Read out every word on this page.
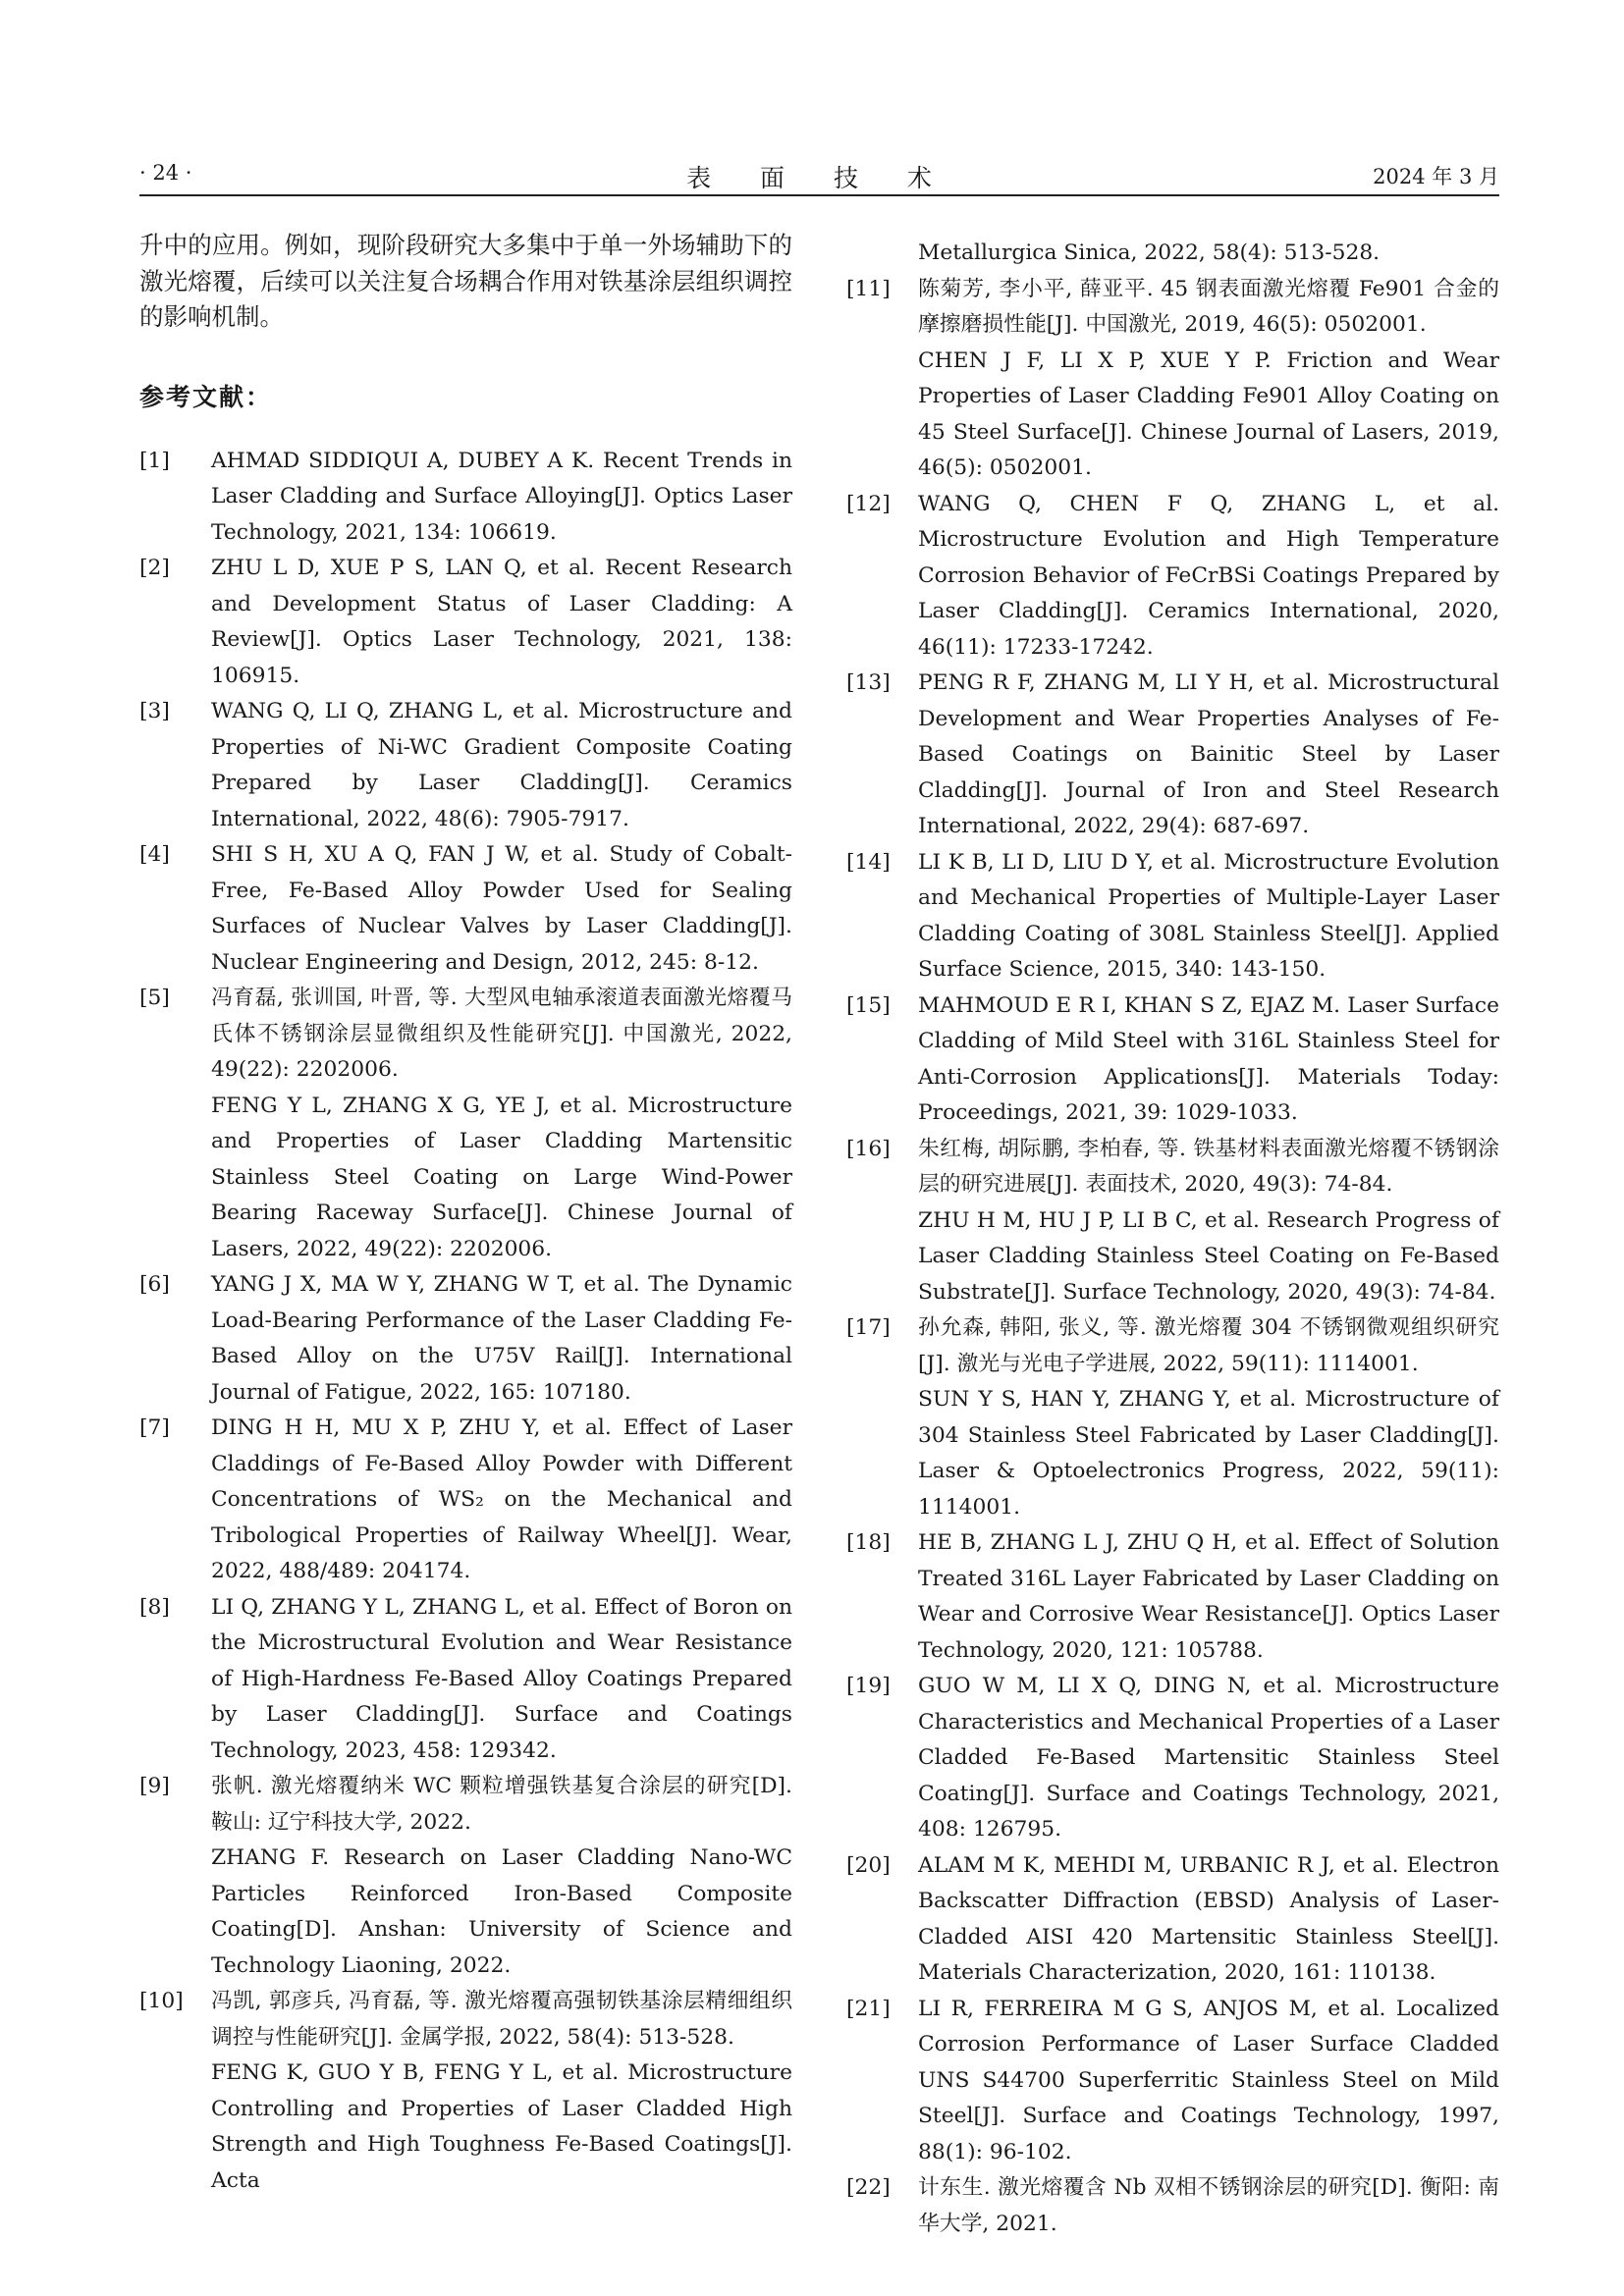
· 24 ·	表 面 技 术	2024 年 3 月

升中的应用。例如，现阶段研究大多集中于单一外场辅助下的激光熔覆，后续可以关注复合场耦合作用对铁基涂层组织调控的影响机制。

参考文献：
[1] AHMAD SIDDIQUI A, DUBEY A K. Recent Trends in Laser Cladding and Surface Alloying[J]. Optics Laser Technology, 2021, 134: 106619.
[2] ZHU L D, XUE P S, LAN Q, et al. Recent Research and Development Status of Laser Cladding: A Review[J]. Optics Laser Technology, 2021, 138: 106915.
[3] WANG Q, LI Q, ZHANG L, et al. Microstructure and Properties of Ni-WC Gradient Composite Coating Prepared by Laser Cladding[J]. Ceramics International, 2022, 48(6): 7905-7917.
[4] SHI S H, XU A Q, FAN J W, et al. Study of Cobalt-Free, Fe-Based Alloy Powder Used for Sealing Surfaces of Nuclear Valves by Laser Cladding[J]. Nuclear Engineering and Design, 2012, 245: 8-12.
[5] 冯育磊, 张训国, 叶晋, 等. 大型风电轴承滚道表面激光熔覆马氏体不锈钢涂层显微组织及性能研究[J]. 中国激光, 2022, 49(22): 2202006.
FENG Y L, ZHANG X G, YE J, et al. Microstructure and Properties of Laser Cladding Martensitic Stainless Steel Coating on Large Wind-Power Bearing Raceway Surface[J]. Chinese Journal of Lasers, 2022, 49(22): 2202006.
[6] YANG J X, MA W Y, ZHANG W T, et al. The Dynamic Load-Bearing Performance of the Laser Cladding Fe-Based Alloy on the U75V Rail[J]. International Journal of Fatigue, 2022, 165: 107180.
[7] DING H H, MU X P, ZHU Y, et al. Effect of Laser Claddings of Fe-Based Alloy Powder with Different Concentrations of WS₂ on the Mechanical and Tribological Properties of Railway Wheel[J]. Wear, 2022, 488/489: 204174.
[8] LI Q, ZHANG Y L, ZHANG L, et al. Effect of Boron on the Microstructural Evolution and Wear Resistance of High-Hardness Fe-Based Alloy Coatings Prepared by Laser Cladding[J]. Surface and Coatings Technology, 2023, 458: 129342.
[9] 张帆. 激光熔覆纳米 WC 颗粒增强铁基复合涂层的研究[D]. 鞍山: 辽宁科技大学, 2022.
ZHANG F. Research on Laser Cladding Nano-WC Particles Reinforced Iron-Based Composite Coating[D]. Anshan: University of Science and Technology Liaoning, 2022.
[10] 冯凯, 郭彦兵, 冯育磊, 等. 激光熔覆高强韧铁基涂层精细组织调控与性能研究[J]. 金属学报, 2022, 58(4): 513-528.
FENG K, GUO Y B, FENG Y L, et al. Microstructure Controlling and Properties of Laser Cladded High Strength and High Toughness Fe-Based Coatings[J]. Acta

Metallurgica Sinica, 2022, 58(4): 513-528.

[11] 陈菊芳, 李小平, 薛亚平. 45 钢表面激光熔覆 Fe901 合金的摩擦磨损性能[J]. 中国激光, 2019, 46(5): 0502001.
CHEN J F, LI X P, XUE Y P. Friction and Wear Properties of Laser Cladding Fe901 Alloy Coating on 45 Steel Surface[J]. Chinese Journal of Lasers, 2019, 46(5): 0502001.
[12] WANG Q, CHEN F Q, ZHANG L, et al. Microstructure Evolution and High Temperature Corrosion Behavior of FeCrBSi Coatings Prepared by Laser Cladding[J]. Ceramics International, 2020, 46(11): 17233-17242.
[13] PENG R F, ZHANG M, LI Y H, et al. Microstructural Development and Wear Properties Analyses of Fe-Based Coatings on Bainitic Steel by Laser Cladding[J]. Journal of Iron and Steel Research International, 2022, 29(4): 687-697.
[14] LI K B, LI D, LIU D Y, et al. Microstructure Evolution and Mechanical Properties of Multiple-Layer Laser Cladding Coating of 308L Stainless Steel[J]. Applied Surface Science, 2015, 340: 143-150.
[15] MAHMOUD E R I, KHAN S Z, EJAZ M. Laser Surface Cladding of Mild Steel with 316L Stainless Steel for Anti-Corrosion Applications[J]. Materials Today: Proceedings, 2021, 39: 1029-1033.
[16] 朱红梅, 胡际鹏, 李柏春, 等. 铁基材料表面激光熔覆不锈钢涂层的研究进展[J]. 表面技术, 2020, 49(3): 74-84.
ZHU H M, HU J P, LI B C, et al. Research Progress of Laser Cladding Stainless Steel Coating on Fe-Based Substrate[J]. Surface Technology, 2020, 49(3): 74-84.
[17] 孙允森, 韩阳, 张义, 等. 激光熔覆 304 不锈钢微观组织研究[J]. 激光与光电子学进展, 2022, 59(11): 1114001.
SUN Y S, HAN Y, ZHANG Y, et al. Microstructure of 304 Stainless Steel Fabricated by Laser Cladding[J]. Laser & Optoelectronics Progress, 2022, 59(11): 1114001.
[18] HE B, ZHANG L J, ZHU Q H, et al. Effect of Solution Treated 316L Layer Fabricated by Laser Cladding on Wear and Corrosive Wear Resistance[J]. Optics Laser Technology, 2020, 121: 105788.
[19] GUO W M, LI X Q, DING N, et al. Microstructure Characteristics and Mechanical Properties of a Laser Cladded Fe-Based Martensitic Stainless Steel Coating[J]. Surface and Coatings Technology, 2021, 408: 126795.
[20] ALAM M K, MEHDI M, URBANIC R J, et al. Electron Backscatter Diffraction (EBSD) Analysis of Laser-Cladded AISI 420 Martensitic Stainless Steel[J]. Materials Characterization, 2020, 161: 110138.
[21] LI R, FERREIRA M G S, ANJOS M, et al. Localized Corrosion Performance of Laser Surface Cladded UNS S44700 Superferritic Stainless Steel on Mild Steel[J]. Surface and Coatings Technology, 1997, 88(1): 96-102.
[22] 计东生. 激光熔覆含 Nb 双相不锈钢涂层的研究[D]. 衡阳: 南华大学, 2021.
